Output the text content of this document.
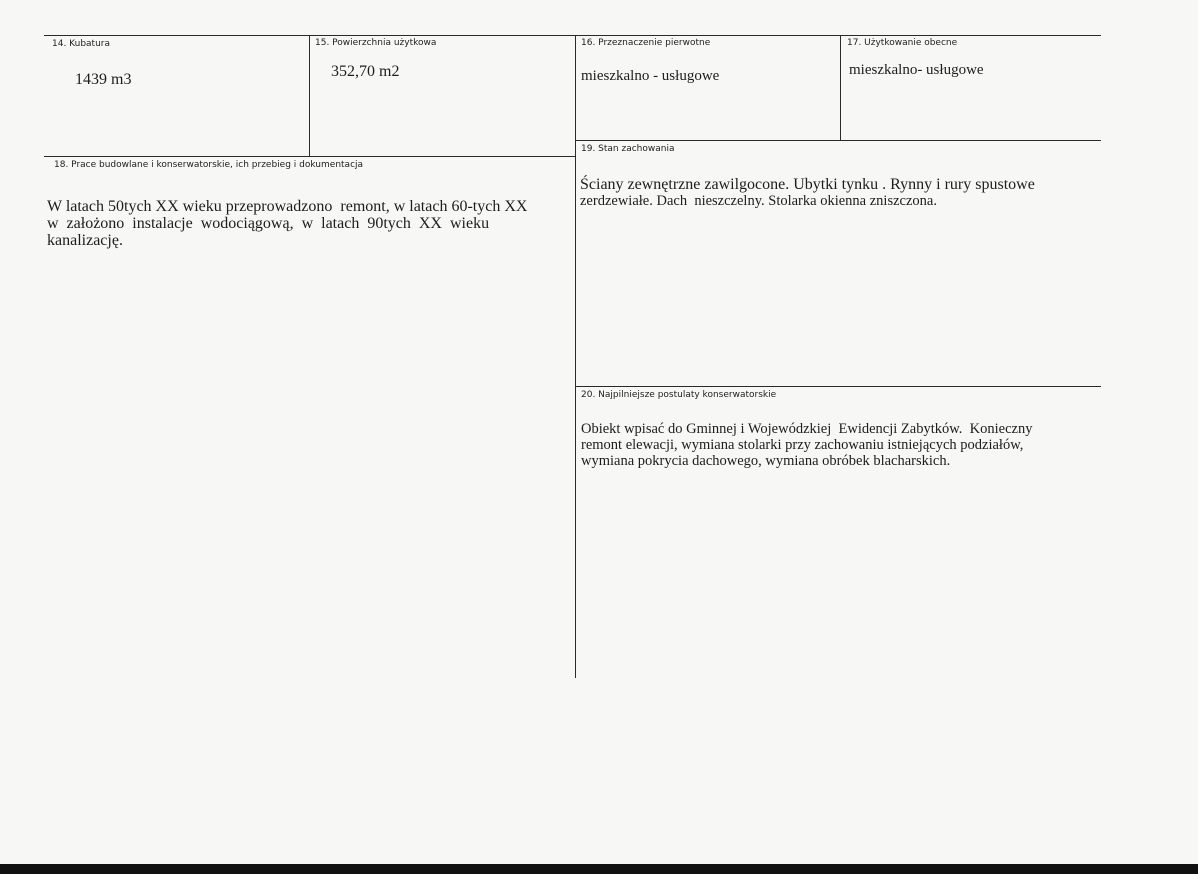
14. Kubatura
1439 m3
15. Powierzchnia użytkowa
352,70 m2
16. Przeznaczenie pierwotne
mieszkalno - usługowe
17. Użytkowanie obecne
mieszkalno- usługowe
18. Prace budowlane i konserwatorskie, ich przebieg i dokumentacja
W latach 50tych XX wieku przeprowadzono  remont, w latach 60-tych XX
w  założono  instalacje  wodociągową,  w  latach  90tych  XX  wieku
kanalizację.
19. Stan zachowania
Ściany zewnętrzne zawilgocone. Ubytki tynku . Rynny i rury spustowe
zerdzewiałe. Dach  nieszczelny. Stolarka okienna zniszczona.
20. Najpilniejsze postulaty konserwatorskie
Obiekt wpisać do Gminnej i Wojewódzkiej  Ewidencji Zabytków.  Konieczny
remont elewacji, wymiana stolarki przy zachowaniu istniejących podziałów,
wymiana pokrycia dachowego, wymiana obróbek blacharskich.
